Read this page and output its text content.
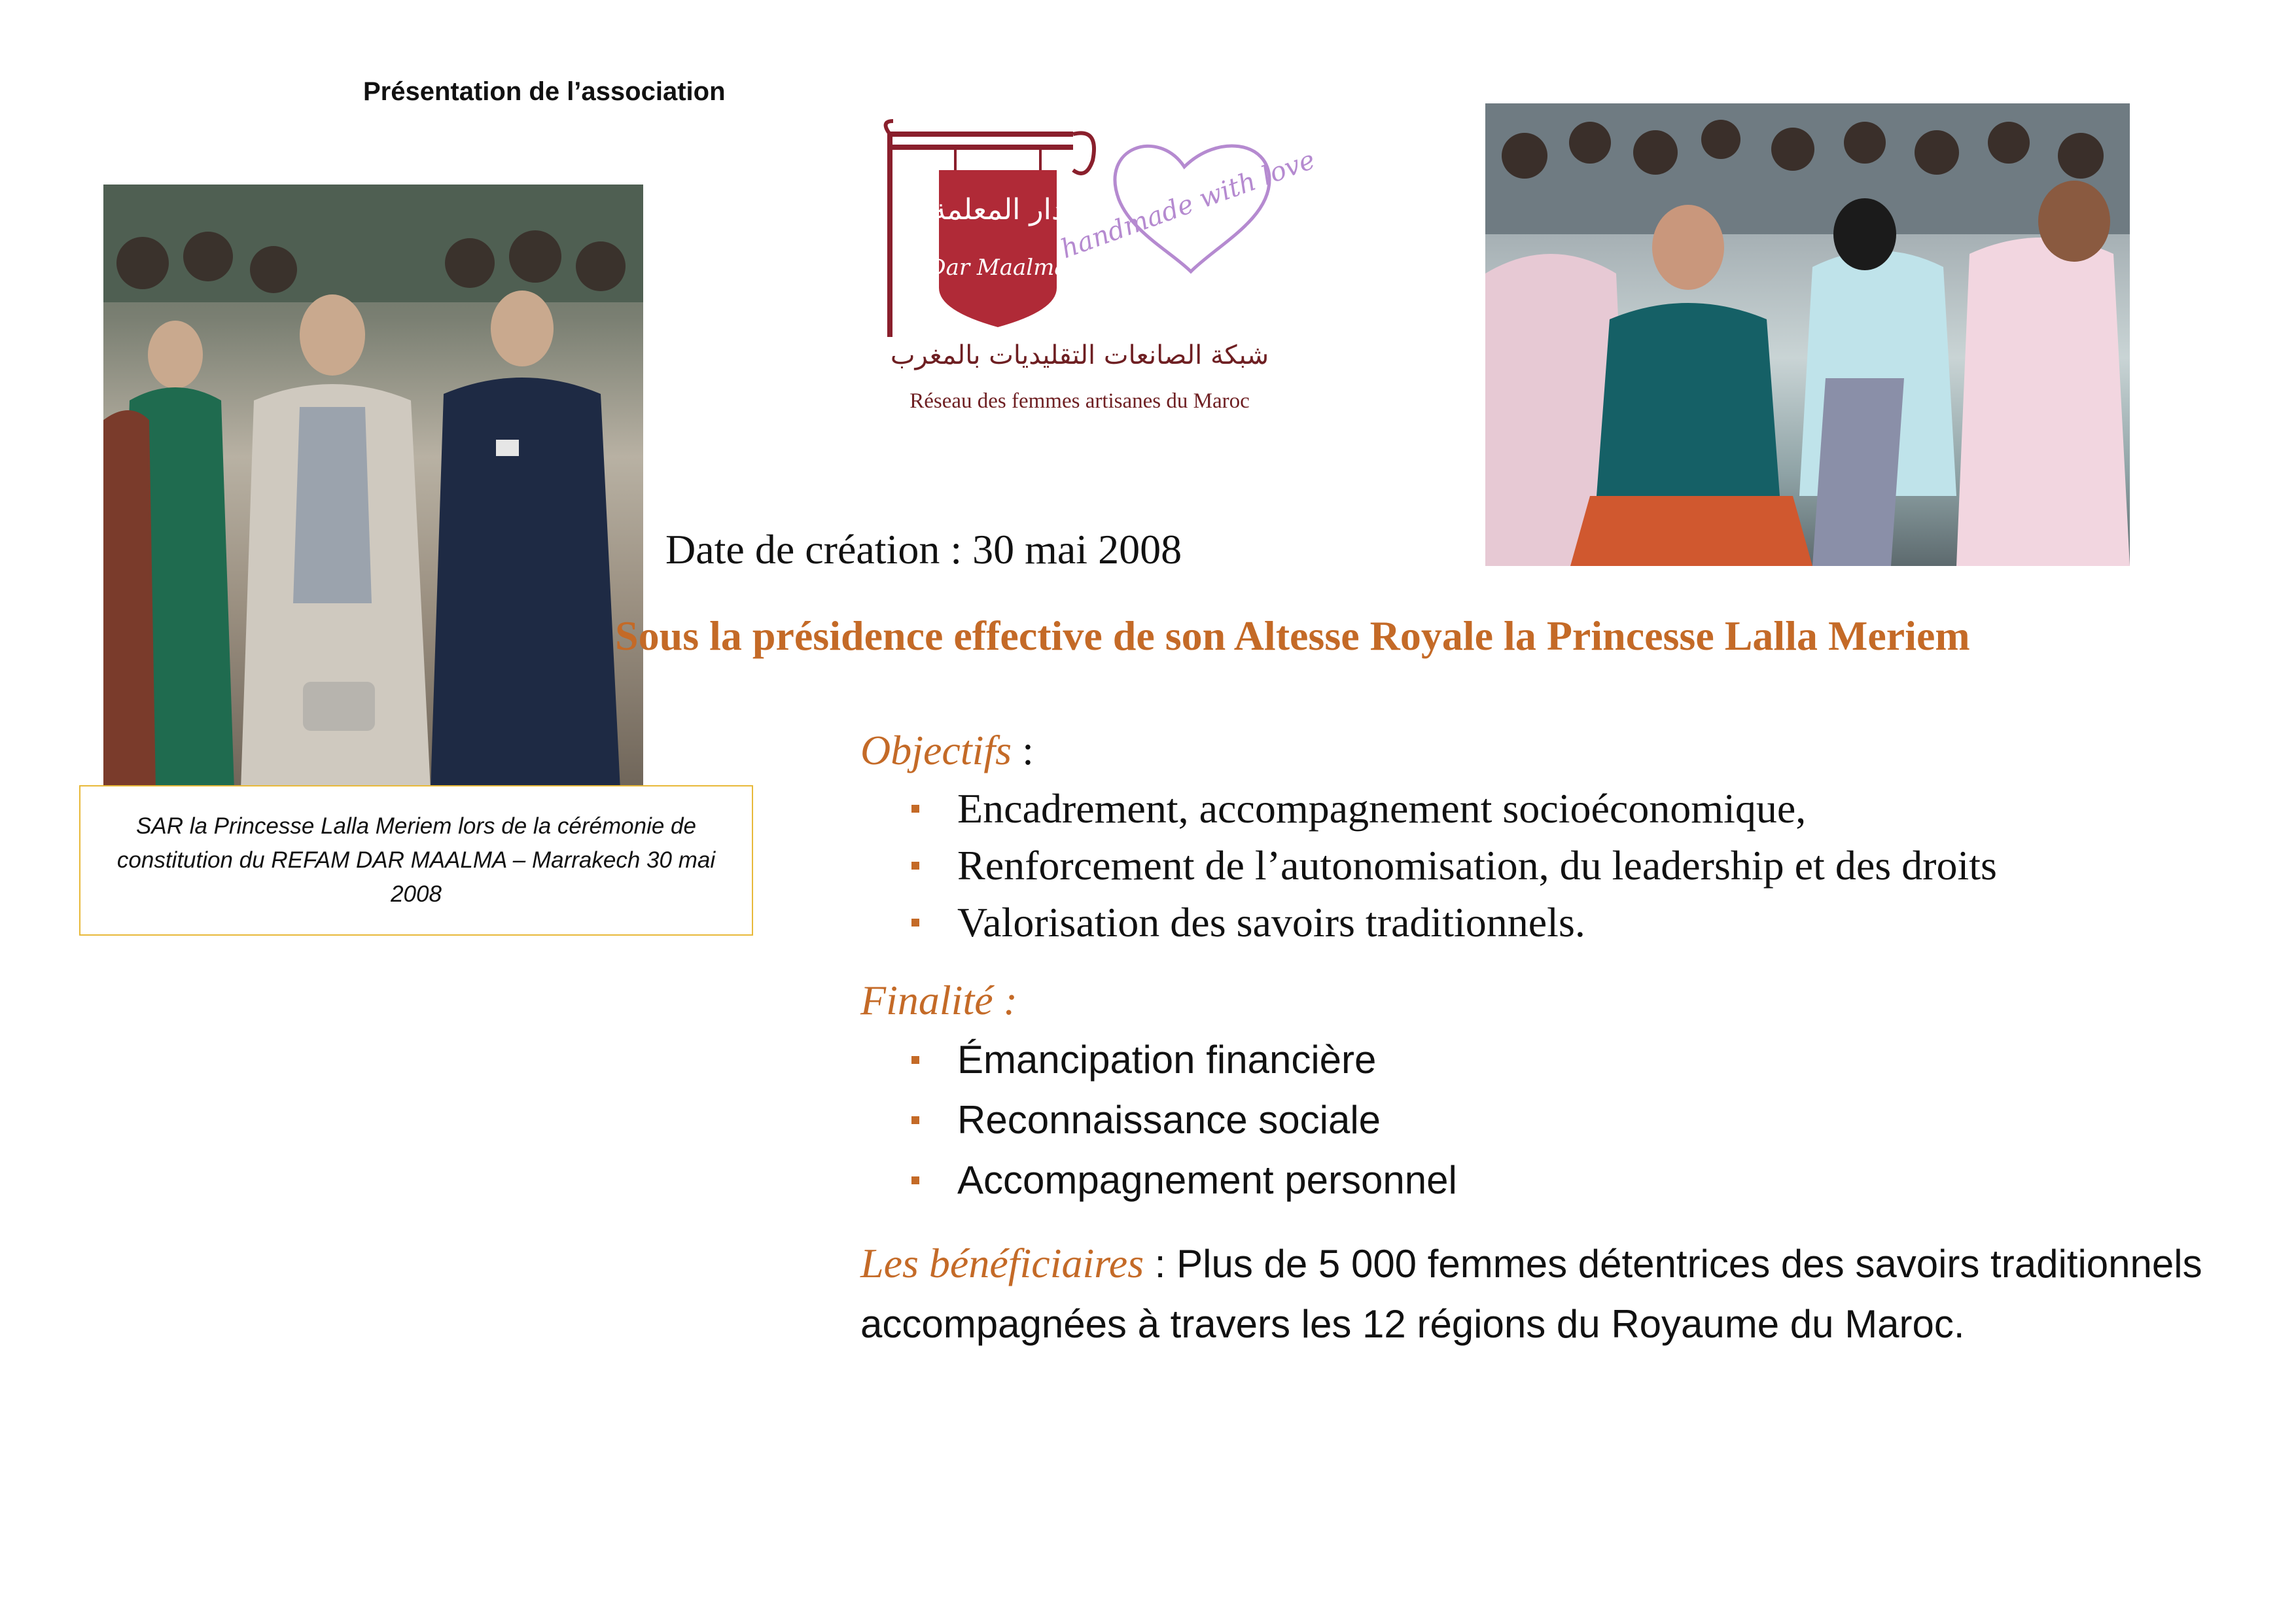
Présentation de l’association
SAR la Princesse Lalla Meriem lors de la cérémonie de constitution du REFAM DAR MAALMA – Marrakech 30 mai 2008
دار المعلمة
Dar Maalma
handmade with love
شبكة الصانعات التقليديات بالمغرب
Réseau des femmes artisanes du Maroc
Date de création : 30 mai 2008
Sous la présidence effective de son Altesse Royale la Princesse Lalla Meriem
Objectifs :
Encadrement, accompagnement socioéconomique,
Renforcement de l’autonomisation, du leadership et des droits
Valorisation des savoirs traditionnels.
Finalité :
Émancipation financière
Reconnaissance sociale
Accompagnement personnel
Les bénéficiaires : Plus de 5 000 femmes détentrices des savoirs traditionnels accompagnées à travers les 12 régions du Royaume du Maroc.
